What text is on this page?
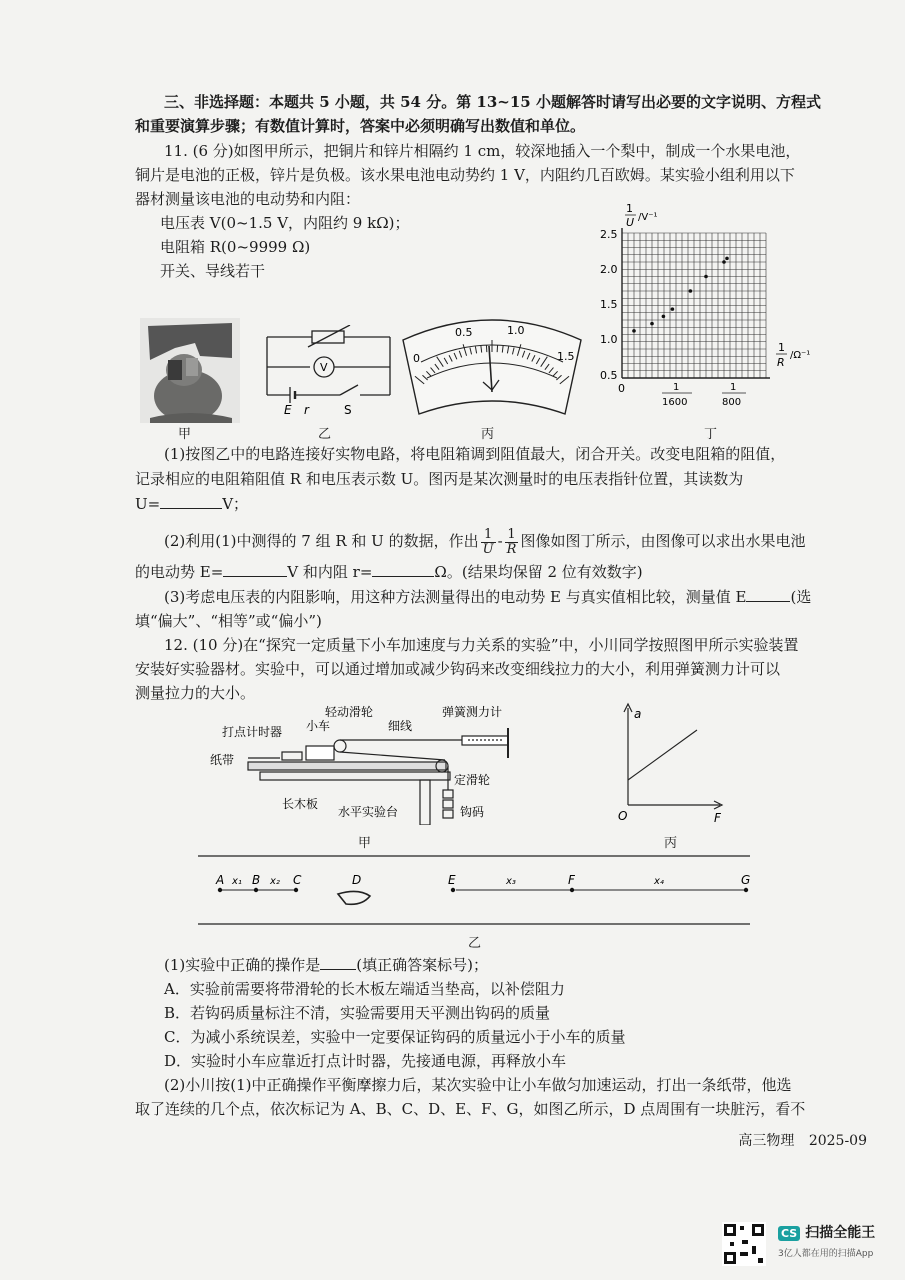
三、非选择题：本题共 5 小题，共 54 分。第 13~15 小题解答时请写出必要的文字说明、方程式
和重要演算步骤；有数值计算时，答案中必须明确写出数值和单位。
11. (6 分)如图甲所示，把铜片和锌片相隔约 1 cm，较深地插入一个梨中，制成一个水果电池，
铜片是电池的正极，锌片是负极。该水果电池电动势约 1 V，内阻约几百欧姆。某实验小组利用以下
器材测量该电池的电动势和内阻：
电压表 V(0~1.5 V，内阻约 9 kΩ)；
电阻箱 R(0~9999 Ω)
开关、导线若干
V
E r	S
0
0.5	1.0
1.5
1
U /V⁻¹
2.5
2.0
1.5
1.0
0.5
0	1
1600
1
800
1
R
/Ω⁻¹
甲	乙	丙	丁
(1)按图乙中的电路连接好实物电路，将电阻箱调到阻值最大，闭合开关。改变电阻箱的阻值，
记录相应的电阻箱阻值 R 和电压表示数 U。图丙是某次测量时的电压表指针位置，其读数为
U=	V；
(2)利用(1)中测得的 7 组 R 和 U 的数据，作出 $\frac{1}{U} - \frac{1}{R}$ 图像如图丁所示，由图像可以求出水果电池
的电动势 E=	V 和内阻 r=	Ω。(结果均保留 2 位有效数字)
(3)考虑电压表的内阻影响，用这种方法测量得出的电动势 E 与真实值相比较，测量值 E	(选
填“偏大”、“相等”或“偏小”)
12. (10 分)在“探究一定质量下小车加速度与力关系的实验”中，小川同学按照图甲所示实验装置
安装好实验器材。实验中，可以通过增加或减少钩码来改变细线拉力的大小，利用弹簧测力计可以
测量拉力的大小。
轻动滑轮
打点计时器 小车	细线
弹簧测力计
纸带
定滑轮
长木板
水平实验台	钩码
a
F
O
甲	丙
A B	C	D	E	F	G
x₁	x₂	x₃	x₄
乙
(1)实验中正确的操作是 (填正确答案标号)；
A．实验前需要将带滑轮的长木板左端适当垫高，以补偿阻力
B．若钩码质量标注不清，实验需要用天平测出钩码的质量
C．为减小系统误差，实验中一定要保证钩码的质量远小于小车的质量
D．实验时小车应靠近打点计时器，先接通电源，再释放小车
(2)小川按(1)中正确操作平衡摩擦力后，某次实验中让小车做匀加速运动，打出一条纸带，他选
取了连续的几个点，依次标记为 A、B、C、D、E、F、G，如图乙所示，D 点周围有一块脏污，看不
高三物理 2025-09
CS 扫描全能王
3亿人都在用的扫描App
